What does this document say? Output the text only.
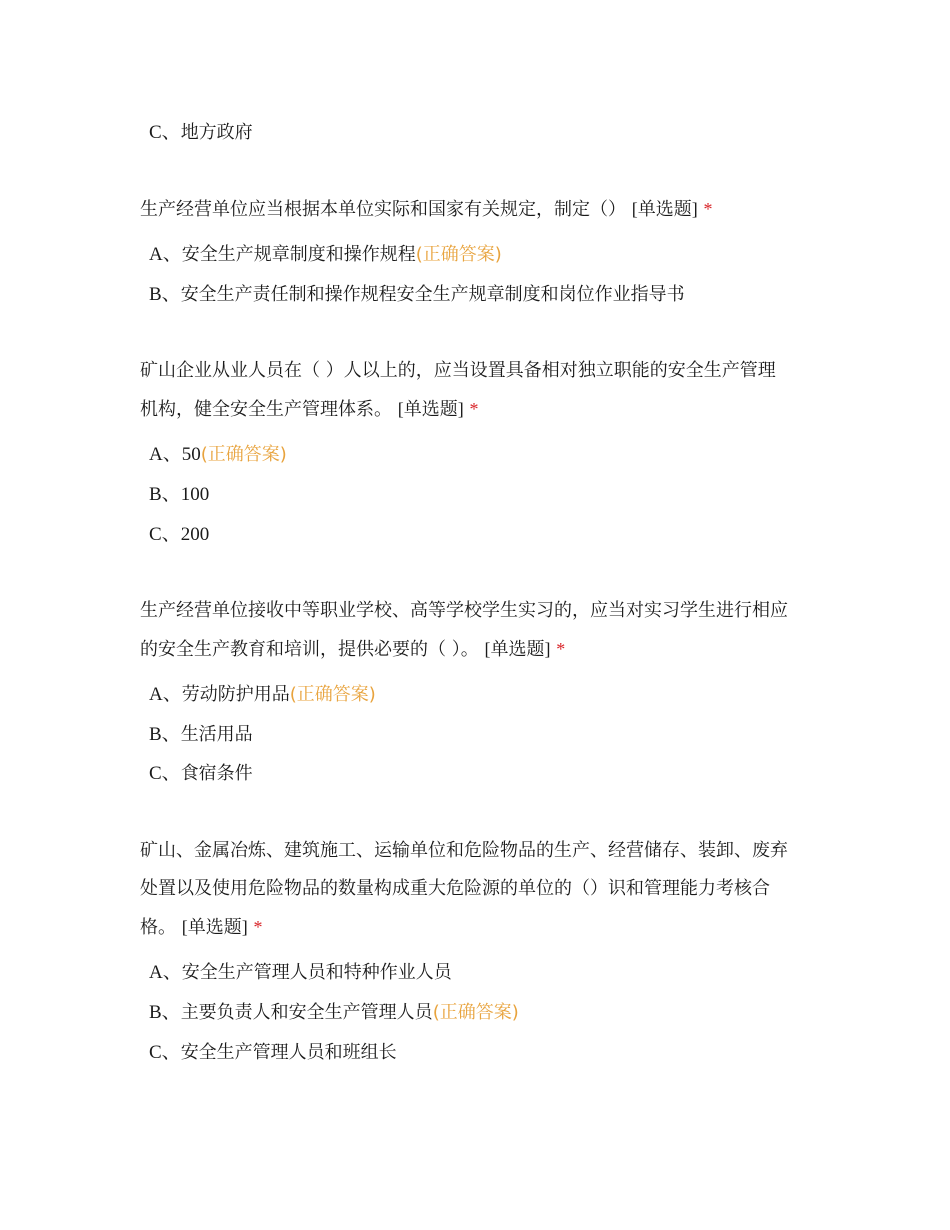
C、地方政府
生产经营单位应当根据本单位实际和国家有关规定，制定（） [单选题] *
A、安全生产规章制度和操作规程(正确答案)
B、安全生产责任制和操作规程安全生产规章制度和岗位作业指导书
矿山企业从业人员在（ ）人以上的，应当设置具备相对独立职能的安全生产管理
机构，健全安全生产管理体系。 [单选题] *
A、50(正确答案)
B、100
C、200
生产经营单位接收中等职业学校、高等学校学生实习的，应当对实习学生进行相应
的安全生产教育和培训，提供必要的（ ）。 [单选题] *
A、劳动防护用品(正确答案)
B、生活用品
C、食宿条件
矿山、金属冶炼、建筑施工、运输单位和危险物品的生产、经营储存、装卸、废弃
处置以及使用危险物品的数量构成重大危险源的单位的（）识和管理能力考核合
格。 [单选题] *
A、安全生产管理人员和特种作业人员
B、主要负责人和安全生产管理人员(正确答案)
C、安全生产管理人员和班组长
